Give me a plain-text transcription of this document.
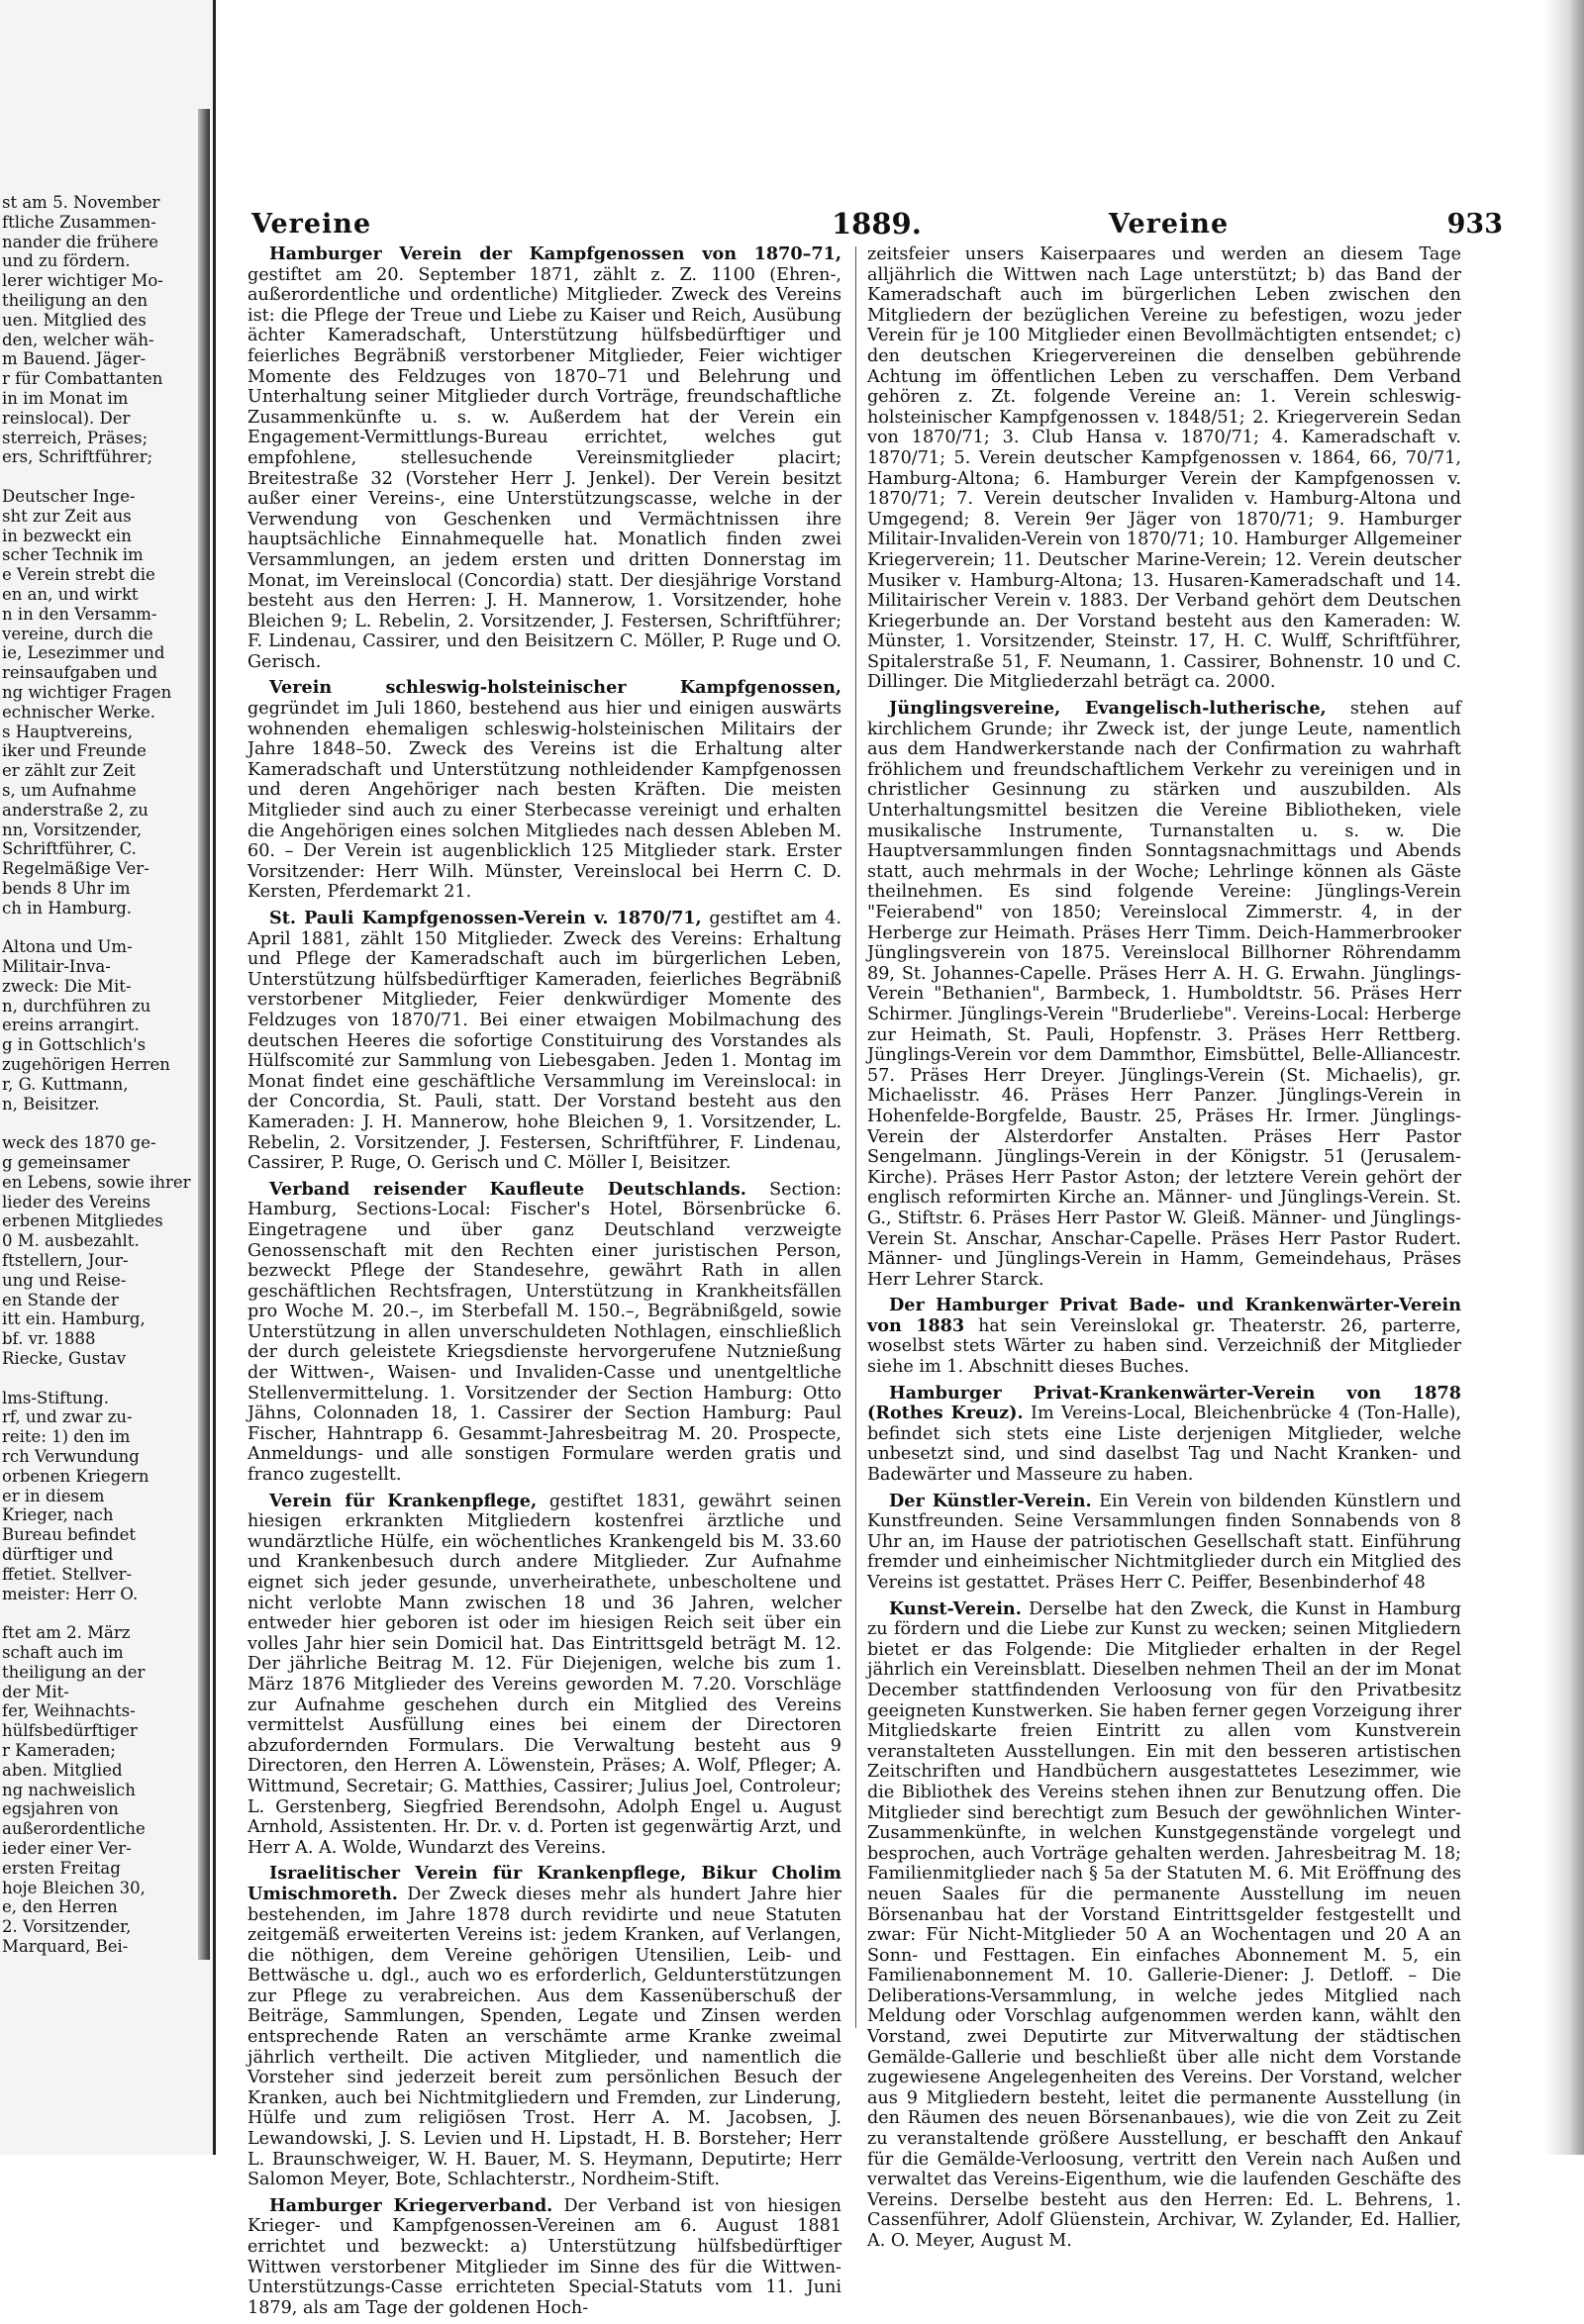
st am 5. November
ftliche Zusammen-
nander die frühere
und zu fördern.
lerer wichtiger Mo-
theiligung an den
uen. Mitglied des
den, welcher wäh-
m Bauend. Jäger-
r für Combattanten
in im Monat im
reinslocal). Der
sterreich, Präses;
ers, Schriftführer;
Deutscher Inge-
sht zur Zeit aus
in bezweckt ein
scher Technik im
e Verein strebt die
en an, und wirkt
n in den Versamm-
vereine, durch die
ie, Lesezimmer und
reinsaufgaben und
ng wichtiger Fragen
echnischer Werke.
s Hauptvereins,
iker und Freunde
er zählt zur Zeit
s, um Aufnahme
anderstraße 2, zu
nn, Vorsitzender,
Schriftführer, C.
Regelmäßige Ver-
bends 8 Uhr im
ch in Hamburg.
Altona und Um-
Militair-Inva-
zweck: Die Mit-
n, durchführen zu
ereins arrangirt.
g in Gottschlich's
zugehörigen Herren
r, G. Kuttmann,
n, Beisitzer.
weck des 1870 ge-
g gemeinsamer
en Lebens, sowie ihrer
lieder des Vereins
erbenen Mitgliedes
0 M. ausbezahlt.
ftstellern, Jour-
ung und Reise-
en Stande der
itt ein. Hamburg,
bf. vr. 1888
Riecke, Gustav
lms-Stiftung.
rf, und zwar zu-
reite: 1) den im
rch Verwundung
orbenen Kriegern
er in diesem
Krieger, nach
Bureau befindet
dürftiger und
ffetiet. Stellver-
meister: Herr O.
ftet am 2. März
schaft auch im
theiligung an der
der Mit-
fer, Weihnachts-
hülfsbedürftiger
r Kameraden;
aben. Mitglied
ng nachweislich
egsjahren von
außerordentliche
ieder einer Ver-
ersten Freitag
hoje Bleichen 30,
e, den Herren
2. Vorsitzender,
Marquard, Bei-
Vereine	1889.	Vereine	933

Hamburger Verein der Kampfgenossen von 1870–71, gestiftet am 20. September 1871, zählt z. Z. 1100 (Ehren-, außerordentliche und ordentliche) Mitglieder. Zweck des Vereins ist: die Pflege der Treue und Liebe zu Kaiser und Reich, Ausübung ächter Kameradschaft, Unterstützung hülfsbedürftiger und feierliches Begräbniß verstorbener Mitglieder, Feier wichtiger Momente des Feldzuges von 1870–71 und Belehrung und Unterhaltung seiner Mitglieder durch Vorträge, freundschaftliche Zusammenkünfte u. s. w. Außerdem hat der Verein ein Engagement-Vermittlungs-Bureau errichtet, welches gut empfohlene, stellesuchende Vereinsmitglieder placirt; Breitestraße 32 (Vorsteher Herr J. Jenkel). Der Verein besitzt außer einer Vereins-, eine Unterstützungscasse, welche in der Verwendung von Geschenken und Vermächtnissen ihre hauptsächliche Einnahmequelle hat. Monatlich finden zwei Versammlungen, an jedem ersten und dritten Donnerstag im Monat, im Vereinslocal (Concordia) statt. Der diesjährige Vorstand besteht aus den Herren: J. H. Mannerow, 1. Vorsitzender, hohe Bleichen 9; L. Rebelin, 2. Vorsitzender, J. Festersen, Schriftführer; F. Lindenau, Cassirer, und den Beisitzern C. Möller, P. Ruge und O. Gerisch.

Verein schleswig-holsteinischer Kampfgenossen, gegründet im Juli 1860, bestehend aus hier und einigen auswärts wohnenden ehemaligen schleswig-holsteinischen Militairs der Jahre 1848–50. Zweck des Vereins ist die Erhaltung alter Kameradschaft und Unterstützung nothleidender Kampfgenossen und deren Angehöriger nach besten Kräften. Die meisten Mitglieder sind auch zu einer Sterbecasse vereinigt und erhalten die Angehörigen eines solchen Mitgliedes nach dessen Ableben M. 60. – Der Verein ist augenblicklich 125 Mitglieder stark. Erster Vorsitzender: Herr Wilh. Münster, Vereinslocal bei Herrn C. D. Kersten, Pferdemarkt 21.

St. Pauli Kampfgenossen-Verein v. 1870/71, gestiftet am 4. April 1881, zählt 150 Mitglieder. Zweck des Vereins: Erhaltung und Pflege der Kameradschaft auch im bürgerlichen Leben, Unterstützung hülfsbedürftiger Kameraden, feierliches Begräbniß verstorbener Mitglieder, Feier denkwürdiger Momente des Feldzuges von 1870/71. Bei einer etwaigen Mobilmachung des deutschen Heeres die sofortige Constituirung des Vorstandes als Hülfscomité zur Sammlung von Liebesgaben. Jeden 1. Montag im Monat findet eine geschäftliche Versammlung im Vereinslocal: in der Concordia, St. Pauli, statt. Der Vorstand besteht aus den Kameraden: J. H. Mannerow, hohe Bleichen 9, 1. Vorsitzender, L. Rebelin, 2. Vorsitzender, J. Festersen, Schriftführer, F. Lindenau, Cassirer, P. Ruge, O. Gerisch und C. Möller I, Beisitzer.

Verband reisender Kaufleute Deutschlands. Section: Hamburg, Sections-Local: Fischer's Hotel, Börsenbrücke 6. Eingetragene und über ganz Deutschland verzweigte Genossenschaft mit den Rechten einer juristischen Person, bezweckt Pflege der Standesehre, gewährt Rath in allen geschäftlichen Rechtsfragen, Unterstützung in Krankheitsfällen pro Woche M. 20.–, im Sterbefall M. 150.–, Begräbnißgeld, sowie Unterstützung in allen unverschuldeten Nothlagen, einschließlich der durch geleistete Kriegsdienste hervorgerufene Nutznießung der Wittwen-, Waisen- und Invaliden-Casse und unentgeltliche Stellenvermittelung. 1. Vorsitzender der Section Hamburg: Otto Jähns, Colonnaden 18, 1. Cassirer der Section Hamburg: Paul Fischer, Hahntrapp 6. Gesammt-Jahresbeitrag M. 20. Prospecte, Anmeldungs- und alle sonstigen Formulare werden gratis und franco zugestellt.

Verein für Krankenpflege, gestiftet 1831, gewährt seinen hiesigen erkrankten Mitgliedern kostenfrei ärztliche und wundärztliche Hülfe, ein wöchentliches Krankengeld bis M. 33.60 und Krankenbesuch durch andere Mitglieder. Zur Aufnahme eignet sich jeder gesunde, unverheirathete, unbescholtene und nicht verlobte Mann zwischen 18 und 36 Jahren, welcher entweder hier geboren ist oder im hiesigen Reich seit über ein volles Jahr hier sein Domicil hat. Das Eintrittsgeld beträgt M. 12. Der jährliche Beitrag M. 12. Für Diejenigen, welche bis zum 1. März 1876 Mitglieder des Vereins geworden M. 7.20. Vorschläge zur Aufnahme geschehen durch ein Mitglied des Vereins vermittelst Ausfüllung eines bei einem der Directoren abzufordernden Formulars. Die Verwaltung besteht aus 9 Directoren, den Herren A. Löwenstein, Präses; A. Wolf, Pfleger; A. Wittmund, Secretair; G. Matthies, Cassirer; Julius Joel, Controleur; L. Gerstenberg, Siegfried Berendsohn, Adolph Engel u. August Arnhold, Assistenten. Hr. Dr. v. d. Porten ist gegenwärtig Arzt, und Herr A. A. Wolde, Wundarzt des Vereins.

Israelitischer Verein für Krankenpflege, Bikur Cholim Umischmoreth. Der Zweck dieses mehr als hundert Jahre hier bestehenden, im Jahre 1878 durch revidirte und neue Statuten zeitgemäß erweiterten Vereins ist: jedem Kranken, auf Verlangen, die nöthigen, dem Vereine gehörigen Utensilien, Leib- und Bettwäsche u. dgl., auch wo es erforderlich, Geldunterstützungen zur Pflege zu verabreichen. Aus dem Kassenüberschuß der Beiträge, Sammlungen, Spenden, Legate und Zinsen werden entsprechende Raten an verschämte arme Kranke zweimal jährlich vertheilt. Die activen Mitglieder, und namentlich die Vorsteher sind jederzeit bereit zum persönlichen Besuch der Kranken, auch bei Nichtmitgliedern und Fremden, zur Linderung, Hülfe und zum religiösen Trost. Herr A. M. Jacobsen, J. Lewandowski, J. S. Levien und H. Lipstadt, H. B. Borsteher; Herr L. Braunschweiger, W. H. Bauer, M. S. Heymann, Deputirte; Herr Salomon Meyer, Bote, Schlachterstr., Nordheim-Stift.

Hamburger Kriegerverband. Der Verband ist von hiesigen Krieger- und Kampfgenossen-Vereinen am 6. August 1881 errichtet und bezweckt: a) Unterstützung hülfsbedürftiger Wittwen verstorbener Mitglieder im Sinne des für die Wittwen-Unterstützungs-Casse errichteten Special-Statuts vom 11. Juni 1879, als am Tage der goldenen Hoch-

zeitsfeier unsers Kaiserpaares und werden an diesem Tage alljährlich die Wittwen nach Lage unterstützt; b) das Band der Kameradschaft auch im bürgerlichen Leben zwischen den Mitgliedern der bezüglichen Vereine zu befestigen, wozu jeder Verein für je 100 Mitglieder einen Bevollmächtigten entsendet; c) den deutschen Kriegervereinen die denselben gebührende Achtung im öffentlichen Leben zu verschaffen. Dem Verband gehören z. Zt. folgende Vereine an: 1. Verein schleswig-holsteinischer Kampfgenossen v. 1848/51; 2. Kriegerverein Sedan von 1870/71; 3. Club Hansa v. 1870/71; 4. Kameradschaft v. 1870/71; 5. Verein deutscher Kampfgenossen v. 1864, 66, 70/71, Hamburg-Altona; 6. Hamburger Verein der Kampfgenossen v. 1870/71; 7. Verein deutscher Invaliden v. Hamburg-Altona und Umgegend; 8. Verein 9er Jäger von 1870/71; 9. Hamburger Militair-Invaliden-Verein von 1870/71; 10. Hamburger Allgemeiner Kriegerverein; 11. Deutscher Marine-Verein; 12. Verein deutscher Musiker v. Hamburg-Altona; 13. Husaren-Kameradschaft und 14. Militairischer Verein v. 1883. Der Verband gehört dem Deutschen Kriegerbunde an. Der Vorstand besteht aus den Kameraden: W. Münster, 1. Vorsitzender, Steinstr. 17, H. C. Wulff, Schriftführer, Spitalerstraße 51, F. Neumann, 1. Cassirer, Bohnenstr. 10 und C. Dillinger. Die Mitgliederzahl beträgt ca. 2000.

Jünglingsvereine, Evangelisch-lutherische, stehen auf kirchlichem Grunde; ihr Zweck ist, der junge Leute, namentlich aus dem Handwerkerstande nach der Confirmation zu wahrhaft fröhlichem und freundschaftlichem Verkehr zu vereinigen und in christlicher Gesinnung zu stärken und auszubilden. Als Unterhaltungsmittel besitzen die Vereine Bibliotheken, viele musikalische Instrumente, Turnanstalten u. s. w. Die Hauptversammlungen finden Sonntagsnachmittags und Abends statt, auch mehrmals in der Woche; Lehrlinge können als Gäste theilnehmen. Es sind folgende Vereine: Jünglings-Verein "Feierabend" von 1850; Vereinslocal Zimmerstr. 4, in der Herberge zur Heimath. Präses Herr Timm. Deich-Hammerbrooker Jünglingsverein von 1875. Vereinslocal Billhorner Röhrendamm 89, St. Johannes-Capelle. Präses Herr A. H. G. Erwahn. Jünglings-Verein "Bethanien", Barmbeck, 1. Humboldtstr. 56. Präses Herr Schirmer. Jünglings-Verein "Bruderliebe". Vereins-Local: Herberge zur Heimath, St. Pauli, Hopfenstr. 3. Präses Herr Rettberg. Jünglings-Verein vor dem Dammthor, Eimsbüttel, Belle-Alliancestr. 57. Präses Herr Dreyer. Jünglings-Verein (St. Michaelis), gr. Michaelisstr. 46. Präses Herr Panzer. Jünglings-Verein in Hohenfelde-Borgfelde, Baustr. 25, Präses Hr. Irmer. Jünglings-Verein der Alsterdorfer Anstalten. Präses Herr Pastor Sengelmann. Jünglings-Verein in der Königstr. 51 (Jerusalem-Kirche). Präses Herr Pastor Aston; der letztere Verein gehört der englisch reformirten Kirche an. Männer- und Jünglings-Verein. St. G., Stiftstr. 6. Präses Herr Pastor W. Gleiß. Männer- und Jünglings-Verein St. Anschar, Anschar-Capelle. Präses Herr Pastor Rudert. Männer- und Jünglings-Verein in Hamm, Gemeindehaus, Präses Herr Lehrer Starck.

Der Hamburger Privat Bade- und Krankenwärter-Verein von 1883 hat sein Vereinslokal gr. Theaterstr. 26, parterre, woselbst stets Wärter zu haben sind. Verzeichniß der Mitglieder siehe im 1. Abschnitt dieses Buches.

Hamburger Privat-Krankenwärter-Verein von 1878 (Rothes Kreuz). Im Vereins-Local, Bleichenbrücke 4 (Ton-Halle), befindet sich stets eine Liste derjenigen Mitglieder, welche unbesetzt sind, und sind daselbst Tag und Nacht Kranken- und Badewärter und Masseure zu haben.

Der Künstler-Verein. Ein Verein von bildenden Künstlern und Kunstfreunden. Seine Versammlungen finden Sonnabends von 8 Uhr an, im Hause der patriotischen Gesellschaft statt. Einführung fremder und einheimischer Nichtmitglieder durch ein Mitglied des Vereins ist gestattet. Präses Herr C. Peiffer, Besenbinderhof 48

Kunst-Verein. Derselbe hat den Zweck, die Kunst in Hamburg zu fördern und die Liebe zur Kunst zu wecken; seinen Mitgliedern bietet er das Folgende: Die Mitglieder erhalten in der Regel jährlich ein Vereinsblatt. Dieselben nehmen Theil an der im Monat December stattfindenden Verloosung von für den Privatbesitz geeigneten Kunstwerken. Sie haben ferner gegen Vorzeigung ihrer Mitgliedskarte freien Eintritt zu allen vom Kunstverein veranstalteten Ausstellungen. Ein mit den besseren artistischen Zeitschriften und Handbüchern ausgestattetes Lesezimmer, wie die Bibliothek des Vereins stehen ihnen zur Benutzung offen. Die Mitglieder sind berechtigt zum Besuch der gewöhnlichen Winter-Zusammenkünfte, in welchen Kunstgegenstände vorgelegt und besprochen, auch Vorträge gehalten werden. Jahresbeitrag M. 18; Familienmitglieder nach § 5a der Statuten M. 6. Mit Eröffnung des neuen Saales für die permanente Ausstellung im neuen Börsenanbau hat der Vorstand Eintrittsgelder festgestellt und zwar: Für Nicht-Mitglieder 50 A an Wochentagen und 20 A an Sonn- und Festtagen. Ein einfaches Abonnement M. 5, ein Familienabonnement M. 10. Gallerie-Diener: J. Detloff. – Die Deliberations-Versammlung, in welche jedes Mitglied nach Meldung oder Vorschlag aufgenommen werden kann, wählt den Vorstand, zwei Deputirte zur Mitverwaltung der städtischen Gemälde-Gallerie und beschließt über alle nicht dem Vorstande zugewiesene Angelegenheiten des Vereins. Der Vorstand, welcher aus 9 Mitgliedern besteht, leitet die permanente Ausstellung (in den Räumen des neuen Börsenanbaues), wie die von Zeit zu Zeit zu veranstaltende größere Ausstellung, er beschafft den Ankauf für die Gemälde-Verloosung, vertritt den Verein nach Außen und verwaltet das Vereins-Eigenthum, wie die laufenden Geschäfte des Vereins. Derselbe besteht aus den Herren: Ed. L. Behrens, 1. Cassenführer, Adolf Glüenstein, Archivar, W. Zylander, Ed. Hallier, A. O. Meyer, August M.
